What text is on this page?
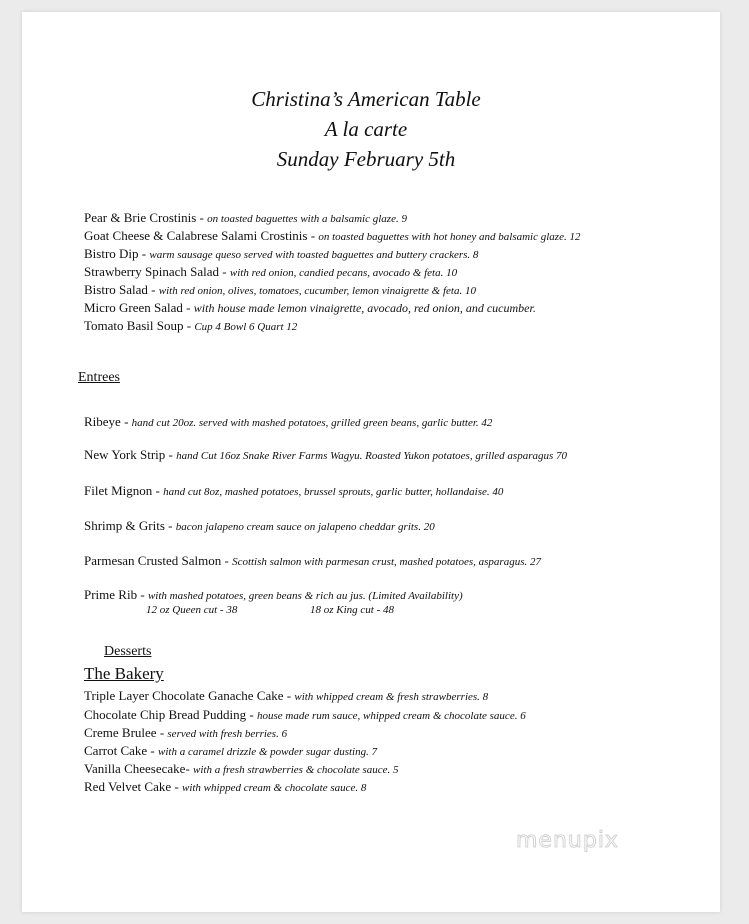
Christina’s American Table
A la carte
Sunday February 5th
Pear & Brie Crostinis - on toasted baguettes with a balsamic glaze. 9
Goat Cheese & Calabrese Salami Crostinis - on toasted baguettes with hot honey and balsamic glaze. 12
Bistro Dip - warm sausage queso served with toasted baguettes and buttery crackers. 8
Strawberry Spinach Salad - with red onion, candied pecans, avocado & feta. 10
Bistro Salad - with red onion, olives, tomatoes, cucumber, lemon vinaigrette & feta. 10
Micro Green Salad - with house made lemon vinaigrette, avocado, red onion, and cucumber.
Tomato Basil Soup - Cup 4 Bowl 6 Quart 12
Entrees
Ribeye - hand cut 20oz. served with mashed potatoes, grilled green beans, garlic butter. 42
New York Strip - hand Cut 16oz Snake River Farms Wagyu. Roasted Yukon potatoes, grilled asparagus 70
Filet Mignon - hand cut 8oz, mashed potatoes, brussel sprouts, garlic butter, hollandaise. 40
Shrimp & Grits - bacon jalapeno cream sauce on jalapeno cheddar grits. 20
Parmesan Crusted Salmon - Scottish salmon with parmesan crust, mashed potatoes, asparagus. 27
Prime Rib - with mashed potatoes, green beans & rich au jus. (Limited Availability)
12 oz Queen cut - 38	18 oz King cut - 48
Desserts
The Bakery
Triple Layer Chocolate Ganache Cake - with whipped cream & fresh strawberries. 8
Chocolate Chip Bread Pudding - house made rum sauce, whipped cream & chocolate sauce. 6
Creme Brulee - served with fresh berries. 6
Carrot Cake - with a caramel drizzle & powder sugar dusting. 7
Vanilla Cheesecake- with a fresh strawberries & chocolate sauce. 5
Red Velvet Cake - with whipped cream & chocolate sauce. 8
menupix
